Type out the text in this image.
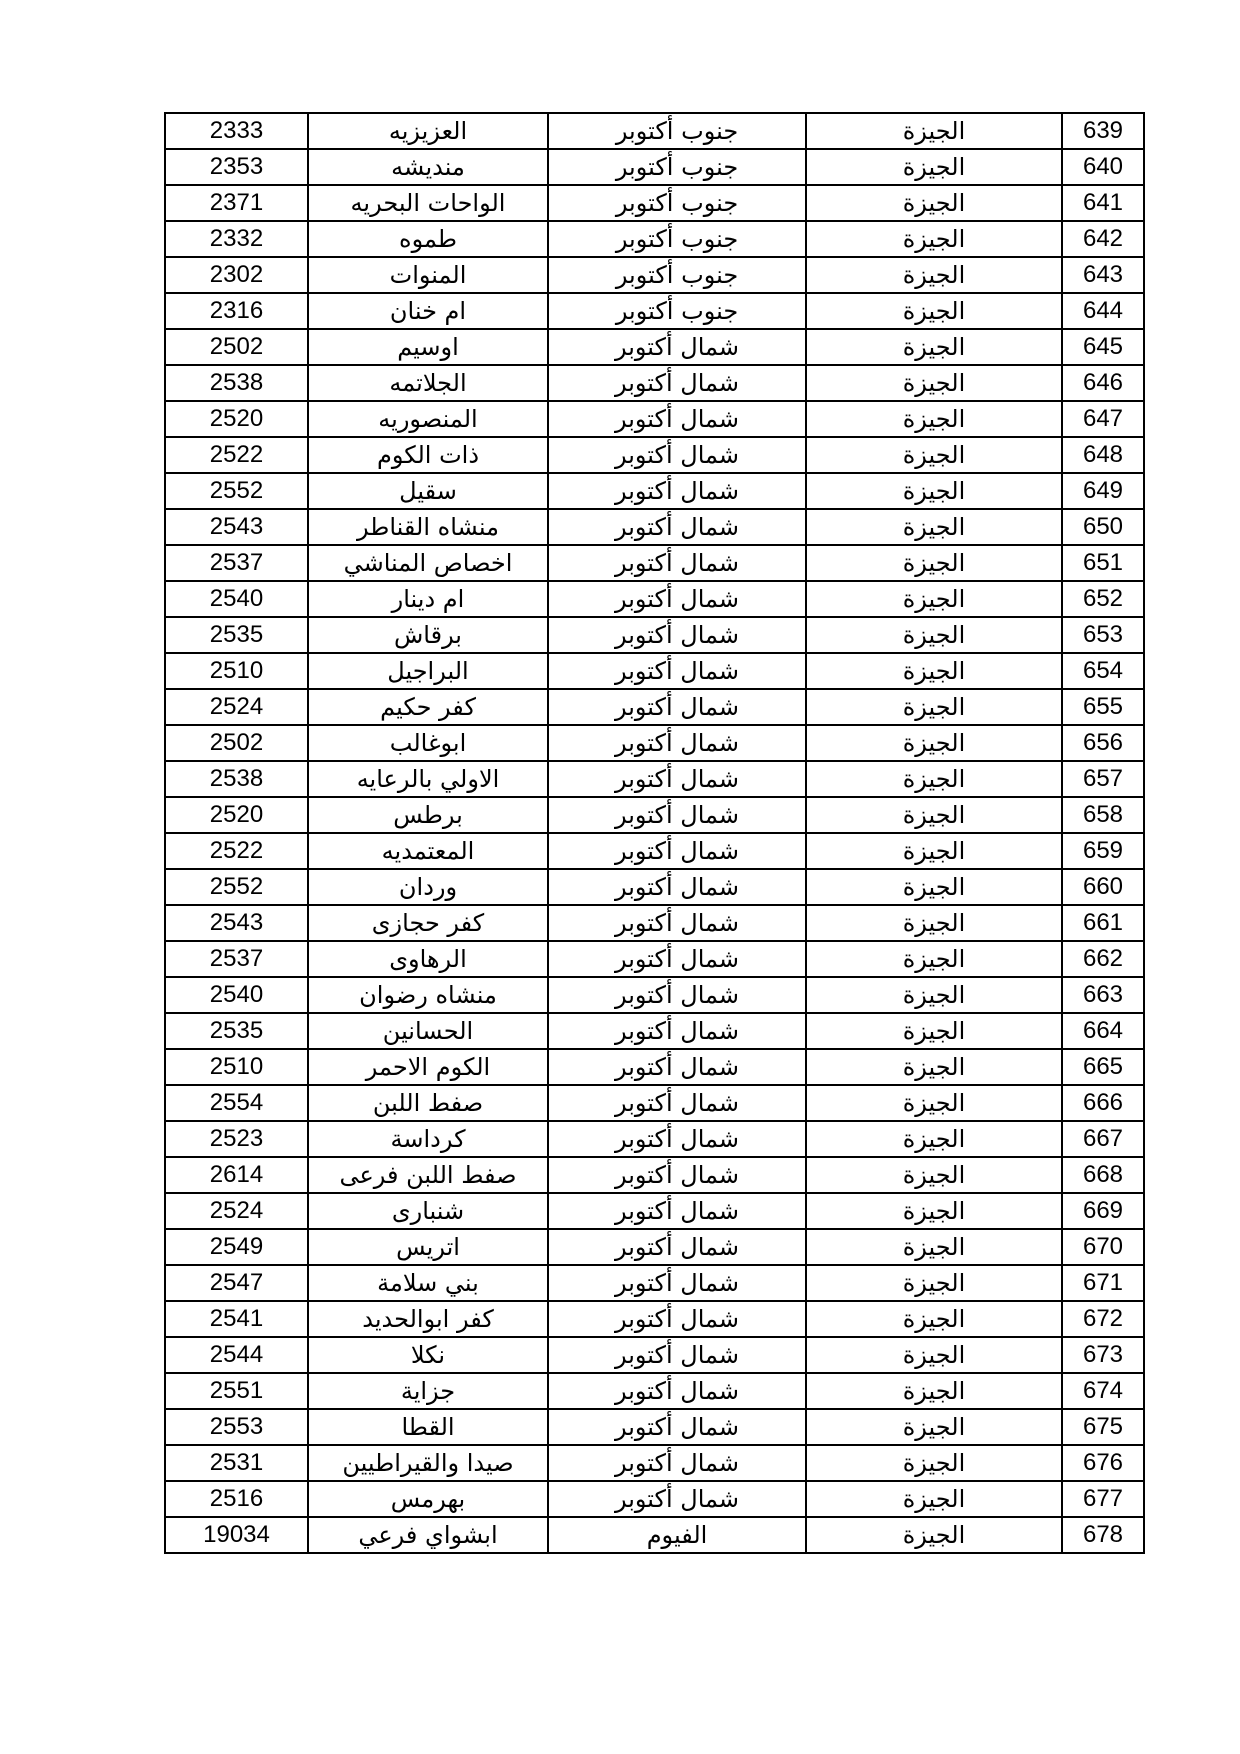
2333	العزيزيه	جنوب أكتوبر	الجيزة	639
2353	منديشه	جنوب أكتوبر	الجيزة	640
2371	الواحات البحريه	جنوب أكتوبر	الجيزة	641
2332	طموه	جنوب أكتوبر	الجيزة	642
2302	المنوات	جنوب أكتوبر	الجيزة	643
2316	ام خنان	جنوب أكتوبر	الجيزة	644
2502	اوسيم	شمال أكتوبر	الجيزة	645
2538	الجلاتمه	شمال أكتوبر	الجيزة	646
2520	المنصوريه	شمال أكتوبر	الجيزة	647
2522	ذات الكوم	شمال أكتوبر	الجيزة	648
2552	سقيل	شمال أكتوبر	الجيزة	649
2543	منشاه القناطر	شمال أكتوبر	الجيزة	650
2537	اخصاص المناشي	شمال أكتوبر	الجيزة	651
2540	ام دينار	شمال أكتوبر	الجيزة	652
2535	برقاش	شمال أكتوبر	الجيزة	653
2510	البراجيل	شمال أكتوبر	الجيزة	654
2524	كفر حكيم	شمال أكتوبر	الجيزة	655
2502	ابوغالب	شمال أكتوبر	الجيزة	656
2538	الاولي بالرعايه	شمال أكتوبر	الجيزة	657
2520	برطس	شمال أكتوبر	الجيزة	658
2522	المعتمديه	شمال أكتوبر	الجيزة	659
2552	وردان	شمال أكتوبر	الجيزة	660
2543	كفر حجازى	شمال أكتوبر	الجيزة	661
2537	الرهاوى	شمال أكتوبر	الجيزة	662
2540	منشاه رضوان	شمال أكتوبر	الجيزة	663
2535	الحسانين	شمال أكتوبر	الجيزة	664
2510	الكوم الاحمر	شمال أكتوبر	الجيزة	665
2554	صفط اللبن	شمال أكتوبر	الجيزة	666
2523	كرداسة	شمال أكتوبر	الجيزة	667
2614	صفط اللبن فرعى	شمال أكتوبر	الجيزة	668
2524	شنبارى	شمال أكتوبر	الجيزة	669
2549	اتريس	شمال أكتوبر	الجيزة	670
2547	بني سلامة	شمال أكتوبر	الجيزة	671
2541	كفر ابوالحديد	شمال أكتوبر	الجيزة	672
2544	نكلا	شمال أكتوبر	الجيزة	673
2551	جزاية	شمال أكتوبر	الجيزة	674
2553	القطا	شمال أكتوبر	الجيزة	675
2531	صيدا والقيراطيين	شمال أكتوبر	الجيزة	676
2516	بهرمس	شمال أكتوبر	الجيزة	677
19034	ابشواي فرعي	الفيوم	الجيزة	678
